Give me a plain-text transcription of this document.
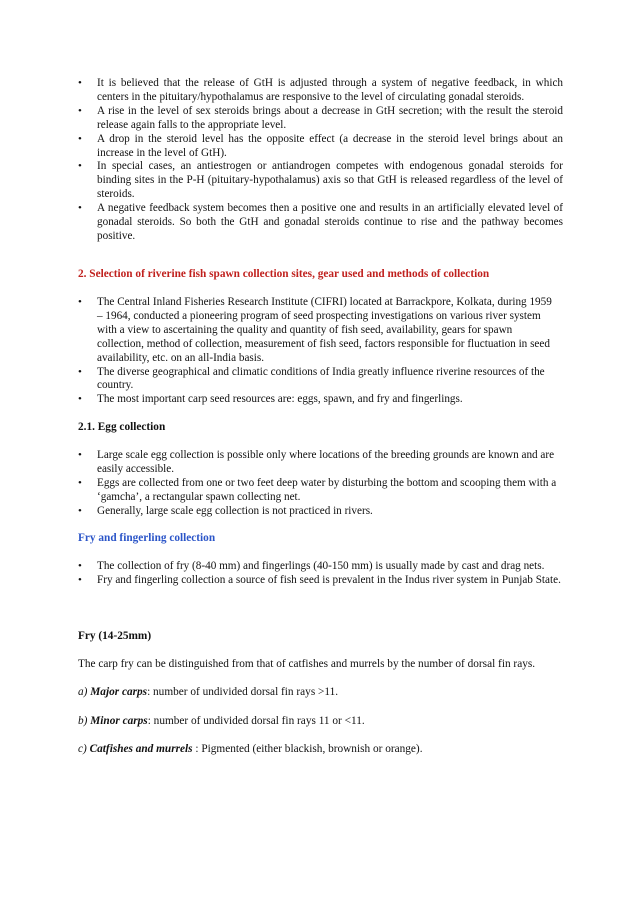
• It is believed that the release of GtH is adjusted through a system of negative feedback, in which centers in the pituitary/hypothalamus are responsive to the level of circulating gonadal steroids.
• A rise in the level of sex steroids brings about a decrease in GtH secretion; with the result the steroid release again falls to the appropriate level.
• A drop in the steroid level has the opposite effect (a decrease in the steroid level brings about an increase in the level of GtH).
• In special cases, an antiestrogen or antiandrogen competes with endogenous gonadal steroids for binding sites in the P-H (pituitary-hypothalamus) axis so that GtH is released regardless of the level of steroids.
• A negative feedback system becomes then a positive one and results in an artificially elevated level of gonadal steroids. So both the GtH and gonadal steroids continue to rise and the pathway becomes positive.
2. Selection of riverine fish spawn collection sites, gear used and methods of collection
• The Central Inland Fisheries Research Institute (CIFRI) located at Barrackpore, Kolkata, during 1959 – 1964, conducted a pioneering program of seed prospecting investigations on various river system with a view to ascertaining the quality and quantity of fish seed, availability, gears for spawn collection, method of collection, measurement of fish seed, factors responsible for fluctuation in seed availability, etc. on an all-India basis.
• The diverse geographical and climatic conditions of India greatly influence riverine resources of the country.
• The most important carp seed resources are: eggs, spawn, and fry and fingerlings.
2.1. Egg collection
• Large scale egg collection is possible only where locations of the breeding grounds are known and are easily accessible.
• Eggs are collected from one or two feet deep water by disturbing the bottom and scooping them with a ‘gamcha’, a rectangular spawn collecting net.
• Generally, large scale egg collection is not practiced in rivers.
Fry and fingerling collection
• The collection of fry (8-40 mm) and fingerlings (40-150 mm) is usually made by cast and drag nets.
• Fry and fingerling collection a source of fish seed is prevalent in the Indus river system in Punjab State.
Fry (14-25mm)
The carp fry can be distinguished from that of catfishes and murrels by the number of dorsal fin rays.
a) Major carps: number of undivided dorsal fin rays >11.
b) Minor carps: number of undivided dorsal fin rays 11 or <11.
c) Catfishes and murrels : Pigmented (either blackish, brownish or orange).
